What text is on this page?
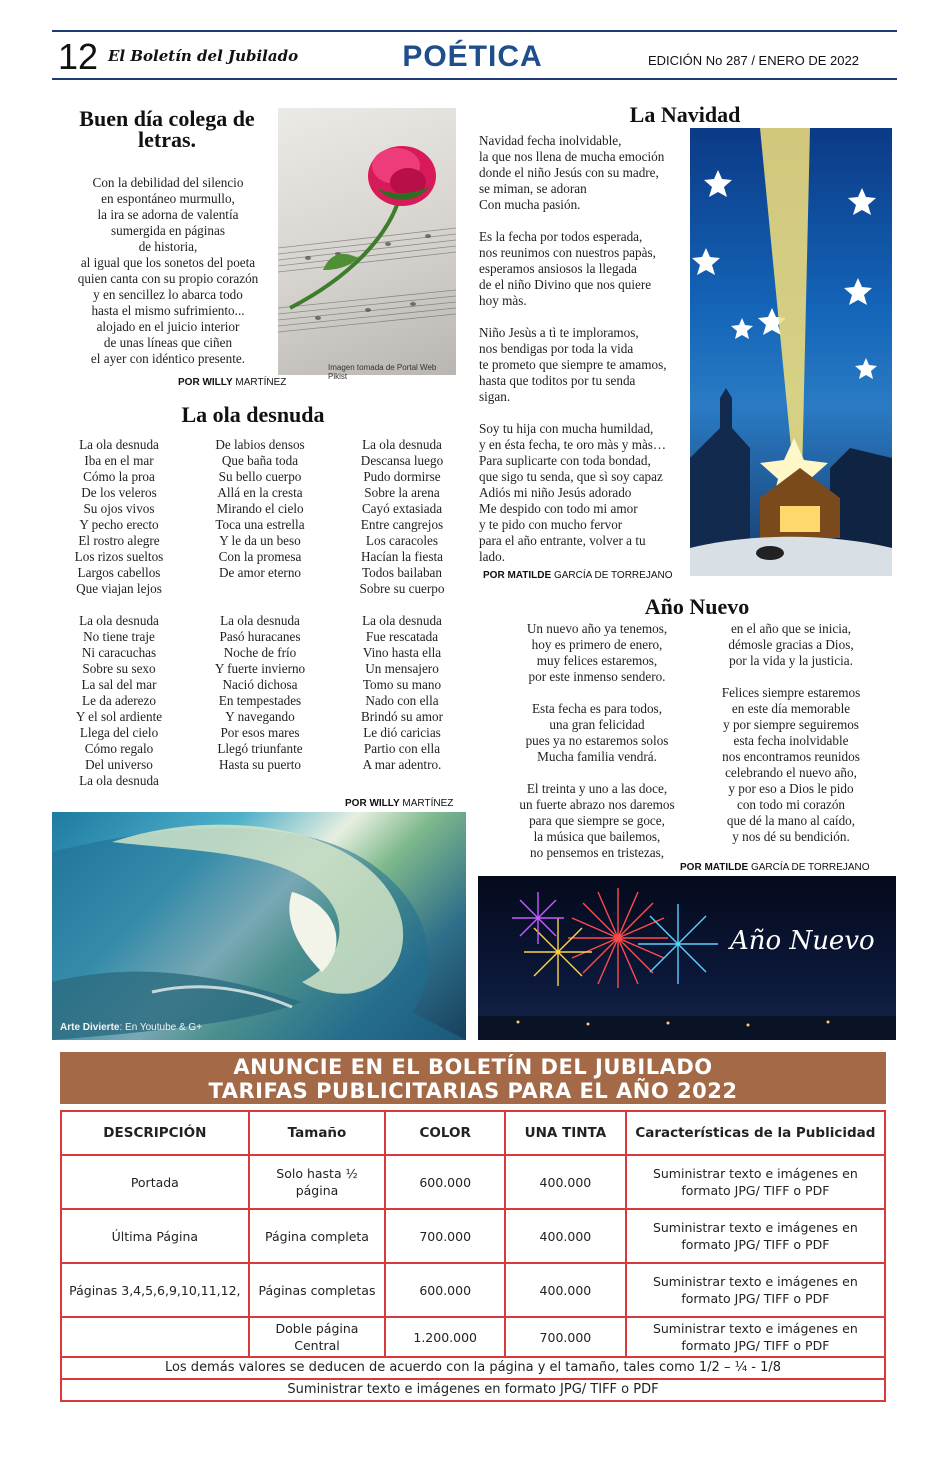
12 El Boletín del Jubilado	POÉTICA	EDICIÓN No 287 / ENERO DE 2022
Buen día colega de letras.
Con la debilidad del silencio
en espontáneo murmullo,
la ira se adorna de valentía
sumergida en páginas
de historia,
al igual que los sonetos del poeta
quien canta con su propio corazón
y en sencillez lo abarca todo
hasta el mismo sufrimiento...
alojado en el juicio interior
de unas líneas que ciñen
el ayer con idéntico presente.
Imagen tomada de Portal Web Pikist
POR WILLY MARTÍNEZ
La ola desnuda
La ola desnuda
Iba en el mar
Cómo la proa
De los veleros
Su ojos vivos
Y pecho erecto
El rostro alegre
Los rizos sueltos
Largos cabellos
Que viajan lejos

La ola desnuda
No tiene traje
Ni caracuchas
Sobre su sexo
La sal del mar
Le da aderezo
Y el sol ardiente
Llega del cielo
Cómo regalo
Del universo
La ola desnuda
De labios densos
Que baña toda
Su bello cuerpo
Allá en la cresta
Mirando el cielo
Toca una estrella
Y le da un beso
Con la promesa
De amor eterno

La ola desnuda
Pasó huracanes
Noche de frío
Y fuerte invierno
Nació dichosa
En tempestades
Y navegando
Por esos mares
Llegó triunfante
Hasta su puerto
La ola desnuda
Descansa luego
Pudo dormirse
Sobre la arena
Cayó extasiada
Entre cangrejos
Los caracoles
Hacían la fiesta
Todos bailaban
Sobre su cuerpo

La ola desnuda
Fue rescatada
Vino hasta ella
Un mensajero
Tomo su mano
Nado con ella
Brindó su amor
Le dió caricias
Partio con ella
A mar adentro.
POR WILLY MARTÍNEZ
Arte Divierte: En Youtube & G+
La Navidad
Navidad fecha inolvidable,
la que nos llena de mucha emoción
donde el niño Jesús con su madre,
se miman, se adoran
Con mucha pasión.

Es la fecha por todos esperada,
nos reunimos con nuestros papàs,
esperamos ansiosos la llegada
de el niño Divino que nos quiere
hoy màs.

Niño Jesùs a tì te imploramos,
nos bendigas por toda la vida
te prometo que siempre te amamos,
hasta que toditos por tu senda
sigan.

Soy tu hija con mucha humildad,
y en ésta fecha, te oro màs y màs…
Para suplicarte con toda bondad,
que sigo tu senda, que sì soy capaz
Adiós mi niño Jesús adorado
Me despido con todo mi amor
y te pido con mucho fervor
para el año entrante, volver a tu
lado.
POR MATILDE GARCÍA DE TORREJANO
Año Nuevo
Un nuevo año ya tenemos,
hoy es primero de enero,
muy felices estaremos,
por este inmenso sendero.

Esta fecha es para todos,
una gran felicidad
pues ya no estaremos solos
Mucha familia vendrá.

El treinta y uno a las doce,
un fuerte abrazo nos daremos
para que siempre se goce,
la música que bailemos,
no pensemos en tristezas,
en el año que se inicia,
démosle gracias a Dios,
por la vida y la justicia.

Felices siempre estaremos
en este día memorable
y por siempre seguiremos
esta fecha inolvidable
nos encontramos reunidos
celebrando el nuevo año,
y por eso a Dios le pido
con todo mi corazón
que dé la mano al caído,
y nos dé su bendición.
POR MATILDE GARCÍA DE TORREJANO
Año Nuevo
ANUNCIE EN EL BOLETÍN DEL JUBILADO
TARIFAS PUBLICITARIAS PARA EL AÑO 2022
DESCRIPCIÓN	Tamaño	COLOR	UNA TINTA	Características de la Publicidad
Portada	Solo hasta ½ página	600.000	400.000	Suministrar texto e imágenes en formato JPG/ TIFF o PDF
Última Página	Página completa	700.000	400.000	Suministrar texto e imágenes en formato JPG/ TIFF o PDF
Páginas 3,4,5,6,9,10,11,12,	Páginas completas	600.000	400.000	Suministrar texto e imágenes en formato JPG/ TIFF o PDF
	Doble página Central	1.200.000	700.000	Suministrar texto e imágenes en formato JPG/ TIFF o PDF
Los demás valores se deducen de acuerdo con la página y el tamaño, tales como 1/2 – ¼ - 1/8				
Suministrar texto e imágenes en formato JPG/ TIFF o PDF				
